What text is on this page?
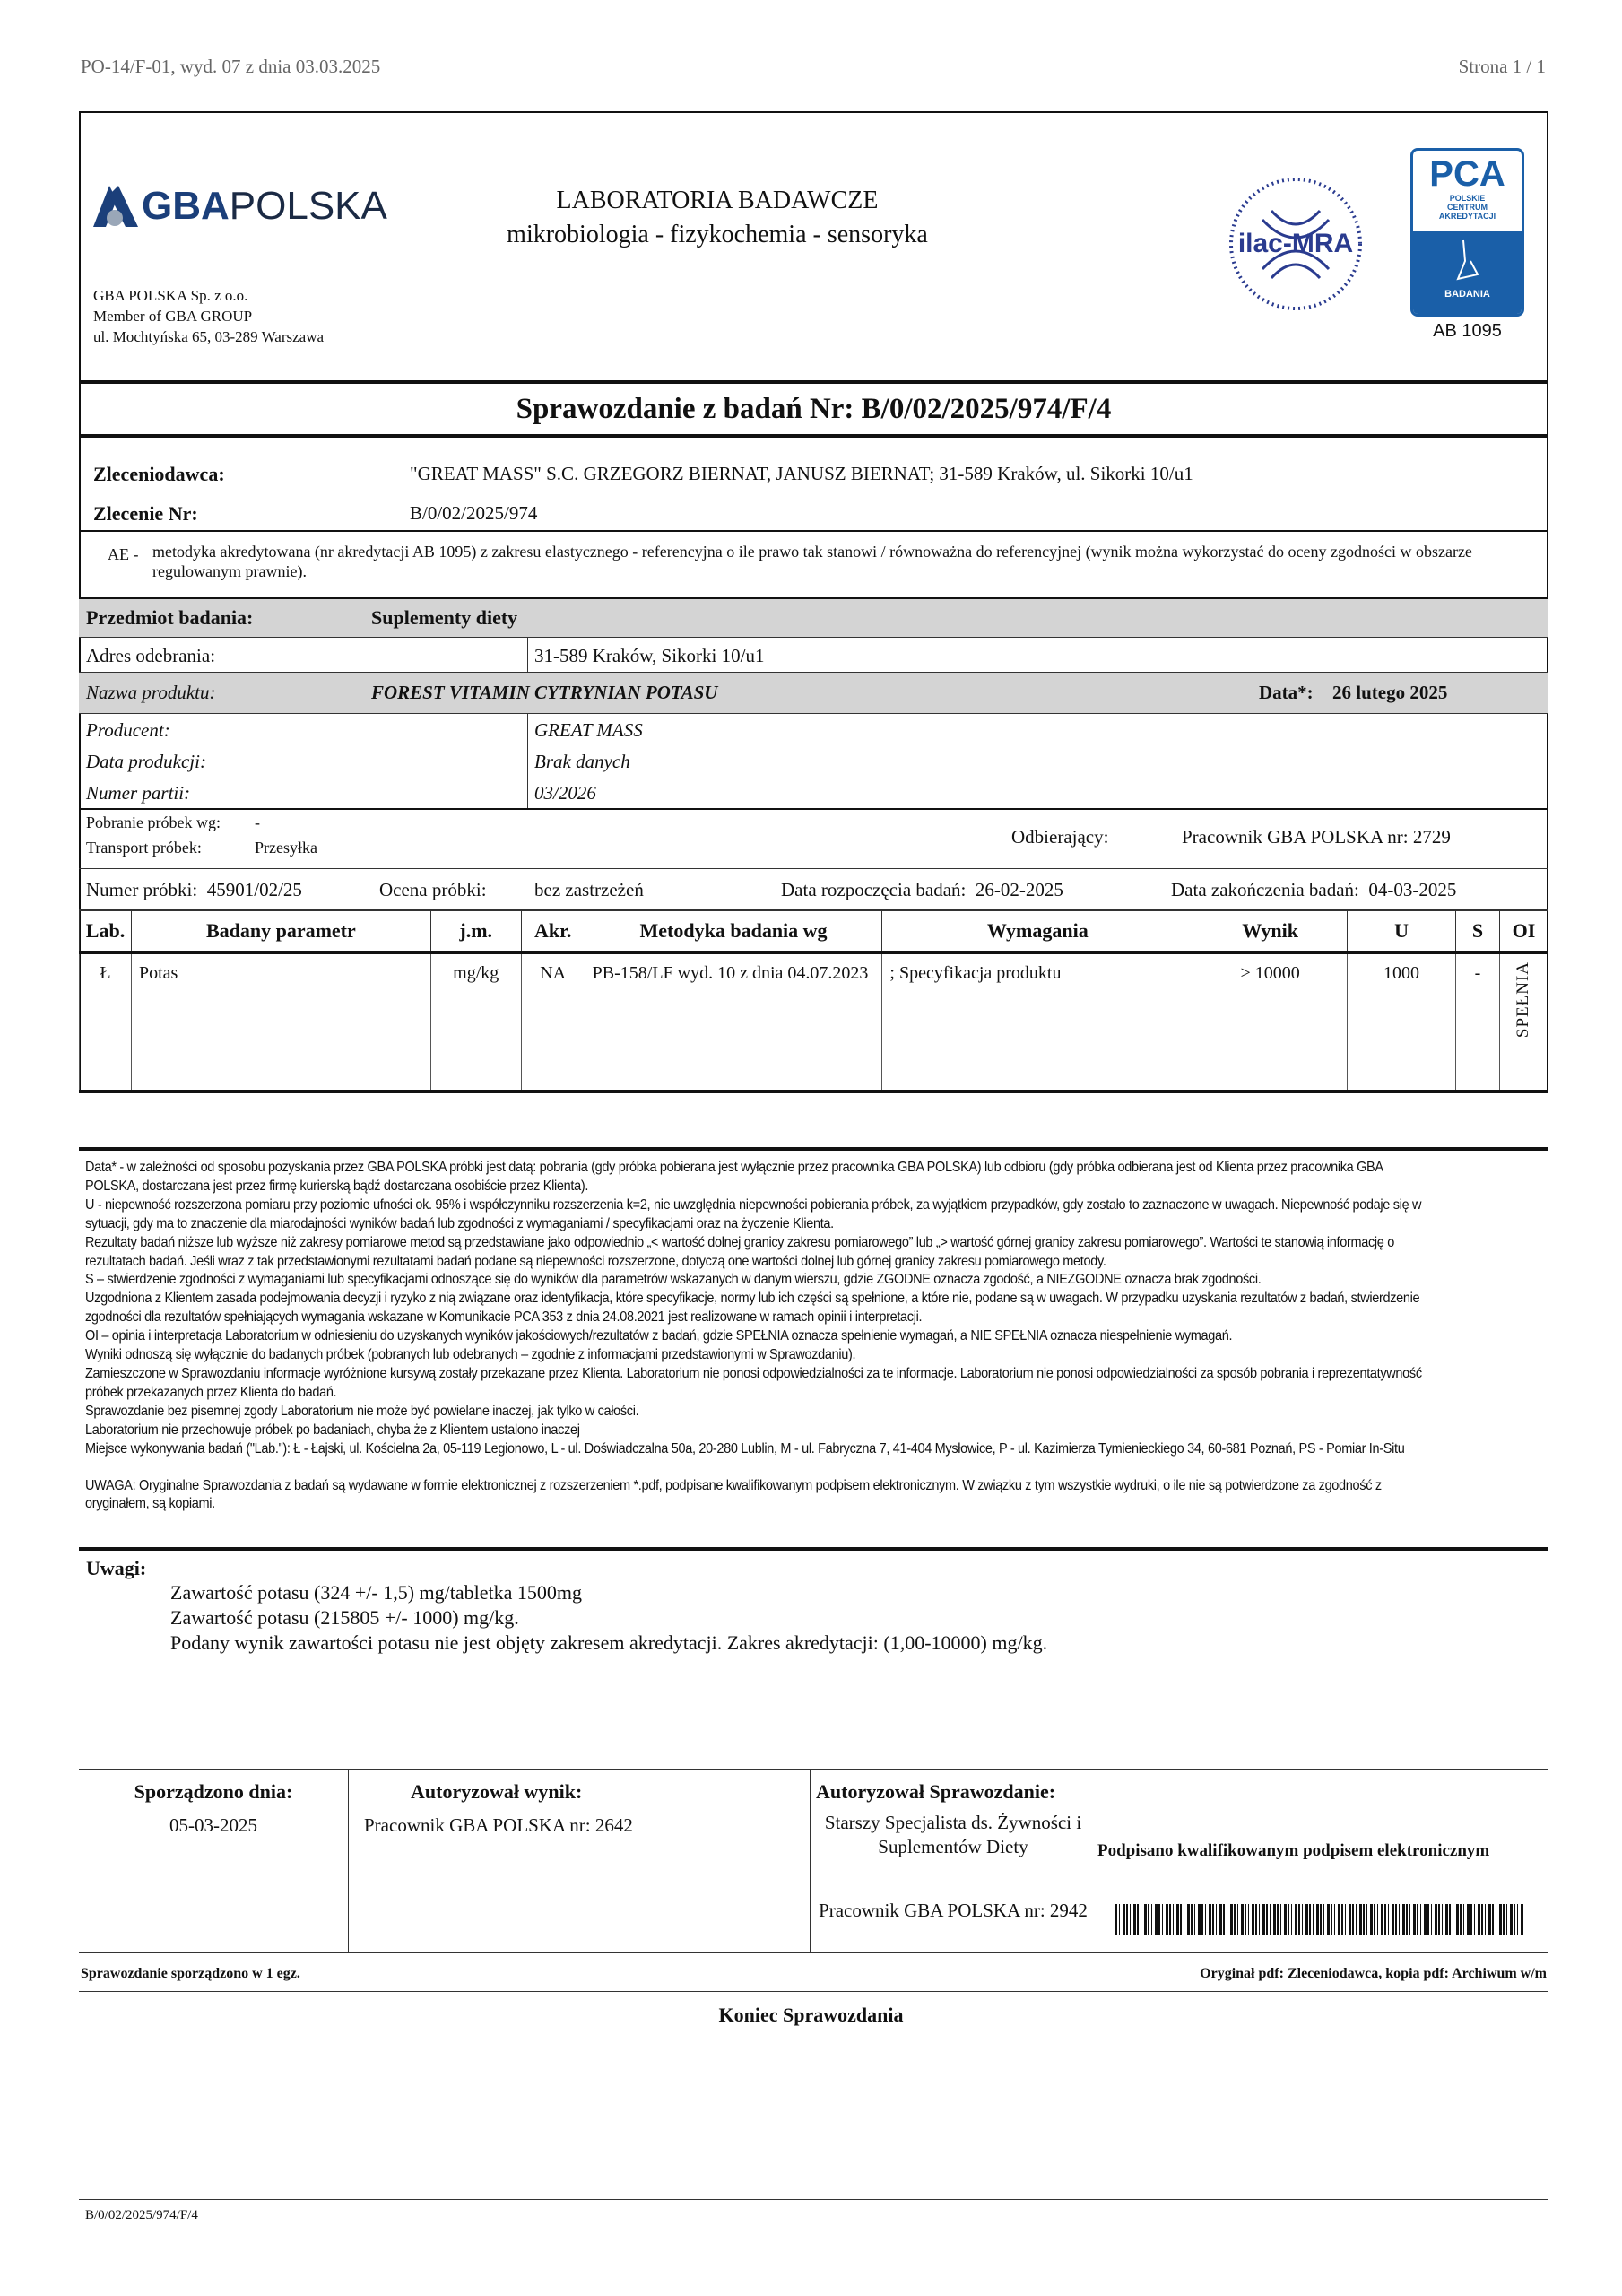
PO-14/F-01, wyd. 07 z dnia 03.03.2025	Strona 1 / 1
GBA POLSKA
GBA POLSKA Sp. z o.o.
Member of GBA GROUP
ul. Mochtyńska 65, 03-289 Warszawa
LABORATORIA BADAWCZE
mikrobiologia - fizykochemia - sensoryka	ilac-MRA
PCA
POLSKIE CENTRUM AKREDYTACJI
BADANIA
AB 1095
Sprawozdanie z badań Nr: B/0/02/2025/974/F/4
Zleceniodawca:	"GREAT MASS" S.C. GRZEGORZ BIERNAT, JANUSZ BIERNAT; 31-589 Kraków, ul. Sikorki 10/u1
Zlecenie Nr:	B/0/02/2025/974
AE - metodyka akredytowana (nr akredytacji AB 1095) z zakresu elastycznego - referencyjna o ile prawo tak stanowi / równoważna do referencyjnej (wynik można wykorzystać do oceny zgodności w obszarze regulowanym prawnie).
Przedmiot badania:	Suplementy diety
Adres odebrania:	31-589 Kraków, Sikorki 10/u1
Nazwa produktu:	FOREST VITAMIN CYTRYNIAN POTASU	Data*: 26 lutego 2025
Producent:	GREAT MASS
Data produkcji:	Brak danych
Numer partii:	03/2026
Pobranie próbek wg: -
Transport próbek:	Przesyłka	Odbierający:	Pracownik GBA POLSKA nr: 2729
Numer próbki: 45901/02/25	Ocena próbki:	bez zastrzeżeń	Data rozpoczęcia badań: 26-02-2025	Data zakończenia badań: 04-03-2025
Lab.	Badany parametr	j.m.	Akr.	Metodyka badania wg	Wymagania	Wynik	U	S	OI
Ł	Potas	mg/kg	NA	PB-158/LF wyd. 10 z dnia 04.07.2023	; Specyfikacja produktu	> 10000	1000	-	SPEŁNIA
Data* - w zależności od sposobu pozyskania przez GBA POLSKA próbki jest datą: pobrania (gdy próbka pobierana jest wyłącznie przez pracownika GBA POLSKA) lub odbioru (gdy próbka odbierana jest od Klienta przez pracownika GBA POLSKA, dostarczana jest przez firmę kurierską bądź dostarczana osobiście przez Klienta).
U - niepewność rozszerzona pomiaru przy poziomie ufności ok. 95% i współczynniku rozszerzenia k=2, nie uwzględnia niepewności pobierania próbek, za wyjątkiem przypadków, gdy zostało to zaznaczone w uwagach. Niepewność podaje się w sytuacji, gdy ma to znaczenie dla miarodajności wyników badań lub zgodności z wymaganiami / specyfikacjami oraz na życzenie Klienta.
Rezultaty badań niższe lub wyższe niż zakresy pomiarowe metod są przedstawiane jako odpowiednio „< wartość dolnej granicy zakresu pomiarowego” lub „> wartość górnej granicy zakresu pomiarowego”. Wartości te stanowią informację o rezultatach badań. Jeśli wraz z tak przedstawionymi rezultatami badań podane są niepewności rozszerzone, dotyczą one wartości dolnej lub górnej granicy zakresu pomiarowego metody.
S – stwierdzenie zgodności z wymaganiami lub specyfikacjami odnoszące się do wyników dla parametrów wskazanych w danym wierszu, gdzie ZGODNE oznacza zgodość, a NIEZGODNE oznacza brak zgodności.
Uzgodniona z Klientem zasada podejmowania decyzji i ryzyko z nią związane oraz identyfikacja, które specyfikacje, normy lub ich części są spełnione, a które nie, podane są w uwagach. W przypadku uzyskania rezultatów z badań, stwierdzenie zgodności dla rezultatów spełniających wymagania wskazane w Komunikacie PCA 353 z dnia 24.08.2021 jest realizowane w ramach opinii i interpretacji.
OI – opinia i interpretacja Laboratorium w odniesieniu do uzyskanych wyników jakościowych/rezultatów z badań, gdzie SPEŁNIA oznacza spełnienie wymagań, a NIE SPEŁNIA oznacza niespełnienie wymagań.
Wyniki odnoszą się wyłącznie do badanych próbek (pobranych lub odebranych – zgodnie z informacjami przedstawionymi w Sprawozdaniu).
Zamieszczone w Sprawozdaniu informacje wyróżnione kursywą zostały przekazane przez Klienta. Laboratorium nie ponosi odpowiedzialności za te informacje. Laboratorium nie ponosi odpowiedzialności za sposób pobrania i reprezentatywność próbek przekazanych przez Klienta do badań.
Sprawozdanie bez pisemnej zgody Laboratorium nie może być powielane inaczej, jak tylko w całości.
Laboratorium nie przechowuje próbek po badaniach, chyba że z Klientem ustalono inaczej
Miejsce wykonywania badań ("Lab."): Ł - Łajski, ul. Kościelna 2a, 05-119 Legionowo, L - ul. Doświadczalna 50a, 20-280 Lublin, M - ul. Fabryczna 7, 41-404 Mysłowice, P - ul. Kazimierza Tymienieckiego 34, 60-681 Poznań, PS - Pomiar In-Situ
UWAGA: Oryginalne Sprawozdania z badań są wydawane w formie elektronicznej z rozszerzeniem *.pdf, podpisane kwalifikowanym podpisem elektronicznym. W związku z tym wszystkie wydruki, o ile nie są potwierdzone za zgodność z oryginałem, są kopiami.
Uwagi:
Zawartość potasu (324 +/- 1,5) mg/tabletka 1500mg
Zawartość potasu (215805 +/- 1000) mg/kg.
Podany wynik zawartości potasu nie jest objęty zakresem akredytacji. Zakres akredytacji: (1,00-10000) mg/kg.
Sporządzono dnia:
05-03-2025
Autoryzował wynik:
Pracownik GBA POLSKA nr: 2642
Autoryzował Sprawozdanie:
Starszy Specjalista ds. Żywności i Suplementów Diety
Pracownik GBA POLSKA nr: 2942
Podpisano kwalifikowanym podpisem elektronicznym
Sprawozdanie sporządzono w 1 egz.	Oryginał pdf: Zleceniodawca, kopia pdf: Archiwum w/m
Koniec Sprawozdania
B/0/02/2025/974/F/4
